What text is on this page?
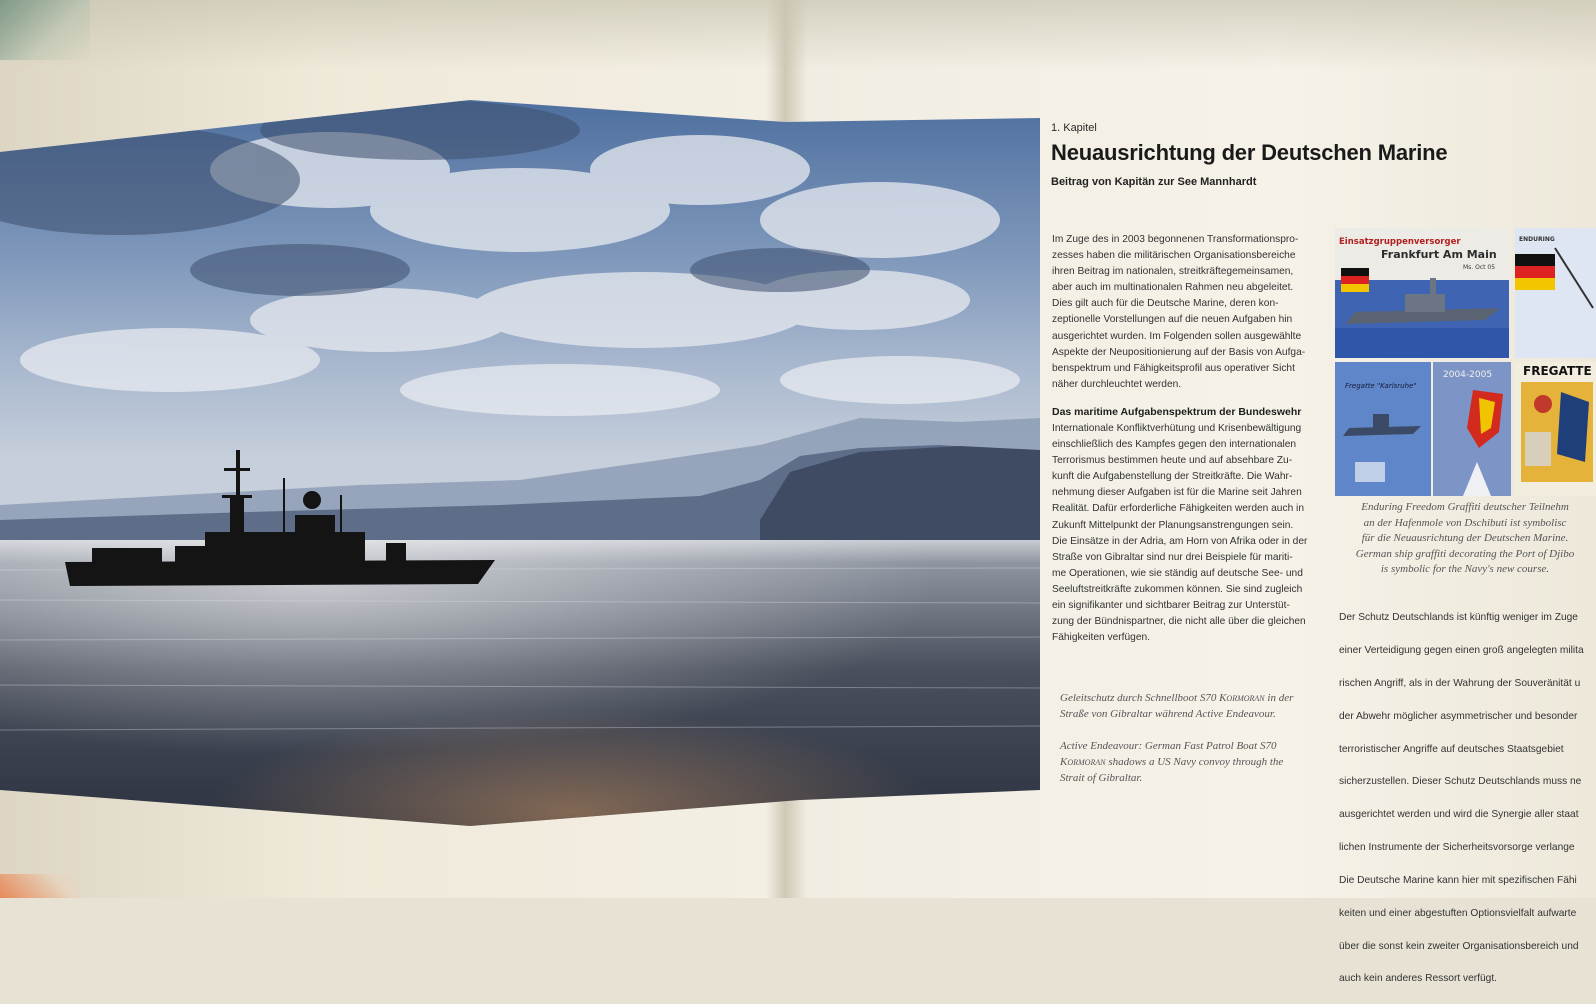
1. Kapitel
Neuausrichtung der Deutschen Marine
Beitrag von Kapitän zur See Mannhardt
Im Zuge des in 2003 begonnenen Transformationspro-
zesses haben die militärischen Organisationsbereiche
ihren Beitrag im nationalen, streitkräftegemeinsamen,
aber auch im multinationalen Rahmen neu abgeleitet.
Dies gilt auch für die Deutsche Marine, deren kon-
zeptionelle Vorstellungen auf die neuen Aufgaben hin
ausgerichtet wurden. Im Folgenden sollen ausgewählte
Aspekte der Neupositionierung auf der Basis von Aufga-
benspektrum und Fähigkeitsprofil aus operativer Sicht
näher durchleuchtet werden.
Das maritime Aufgabenspektrum der Bundeswehr
Internationale Konfliktverhütung und Krisenbewältigung
einschließlich des Kampfes gegen den internationalen
Terrorismus bestimmen heute und auf absehbare Zu-
kunft die Aufgabenstellung der Streitkräfte. Die Wahr-
nehmung dieser Aufgaben ist für die Marine seit Jahren
Realität. Dafür erforderliche Fähigkeiten werden auch in
Zukunft Mittelpunkt der Planungsanstrengungen sein.
Die Einsätze in der Adria, am Horn von Afrika oder in der
Straße von Gibraltar sind nur drei Beispiele für mariti-
me Operationen, wie sie ständig auf deutsche See- und
Seeluftstreitkräfte zukommen können. Sie sind zugleich
ein signifikanter und sichtbarer Beitrag zur Unterstüt-
zung der Bündnispartner, die nicht alle über die gleichen
Fähigkeiten verfügen.
Geleitschutz durch Schnellboot S70 Kormoran in der
Straße von Gibraltar während Active Endeavour.
Active Endeavour: German Fast Patrol Boat S70
Kormoran shadows a US Navy convoy through the
Strait of Gibraltar.
Einsatzgruppenversorger
Frankfurt Am Main
Ms. Oct 05
ENDURING
Fregatte "Karlsruhe"
2004-2005	FREGATTE
Enduring Freedom Graffiti deutscher Teilnehm
an der Hafenmole von Dschibuti ist symbolisc
für die Neuausrichtung der Deutschen Marine.
German ship graffiti decorating the Port of Djibo
is symbolic for the Navy's new course.

Der Schutz Deutschlands ist künftig weniger im Zuge

einer Verteidigung gegen einen groß angelegten milita

rischen Angriff, als in der Wahrung der Souveränität u

der Abwehr möglicher asymmetrischer und besonder

terroristischer Angriffe auf deutsches Staatsgebiet

sicherzustellen. Dieser Schutz Deutschlands muss ne

ausgerichtet werden und wird die Synergie aller staat

lichen Instrumente der Sicherheitsvorsorge verlange

Die Deutsche Marine kann hier mit spezifischen Fähi

keiten und einer abgestuften Optionsvielfalt aufwarte

über die sonst kein zweiter Organisationsbereich und

auch kein anderes Ressort verfügt.
